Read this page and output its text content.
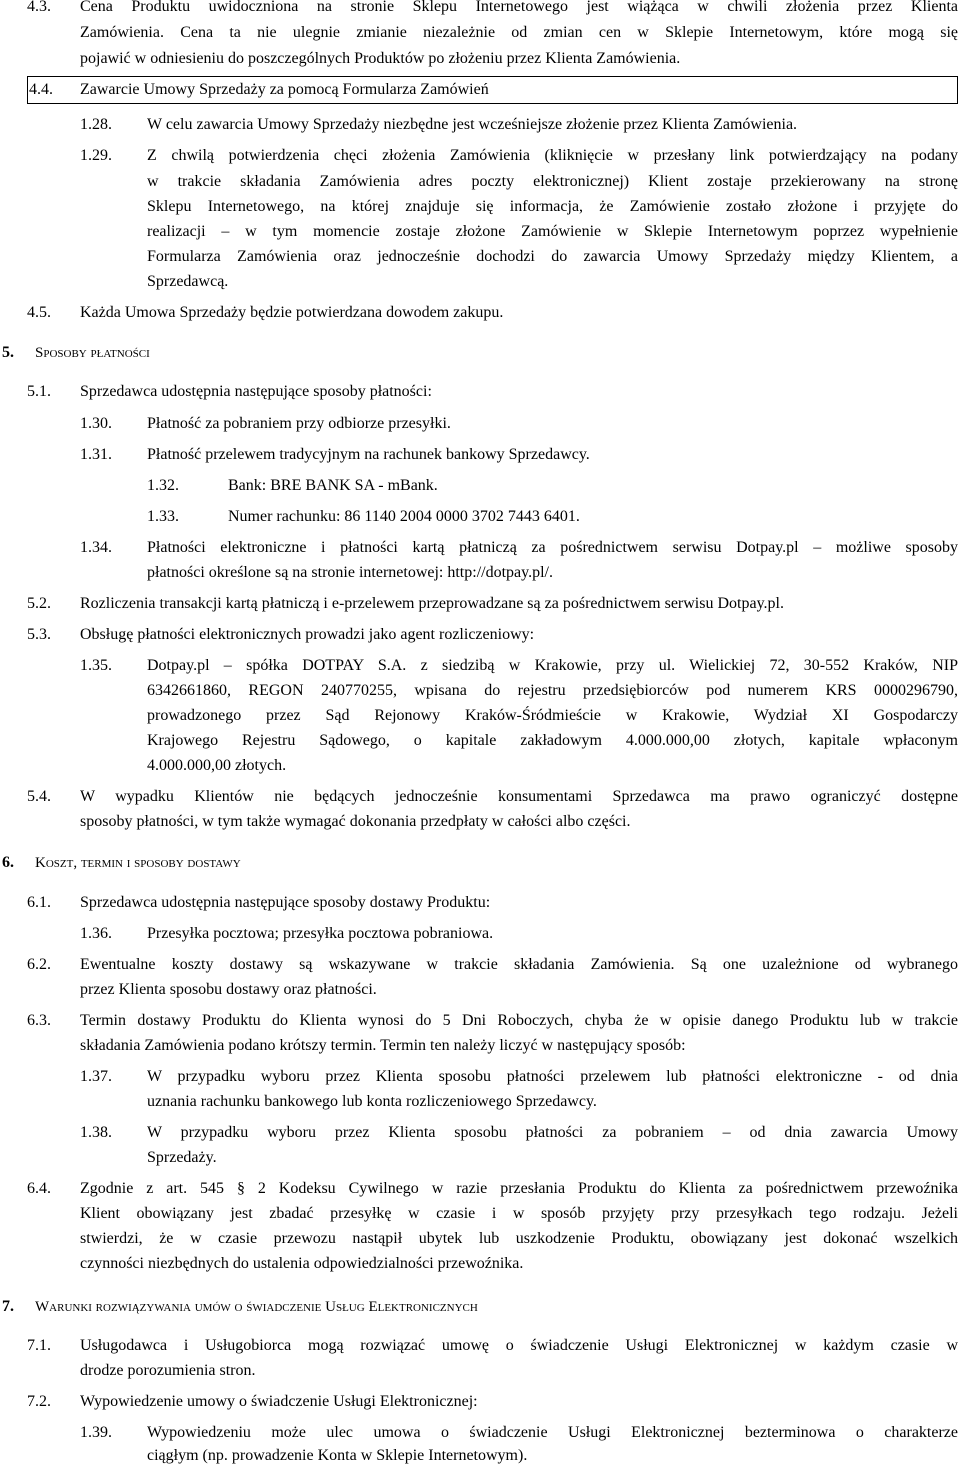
4.3. Cena Produktu uwidoczniona na stronie Sklepu Internetowego jest wiążąca w chwili złożenia przez Klienta
Zamówienia. Cena ta nie ulegnie zmianie niezależnie od zmian cen w Sklepie Internetowym, które mogą się
pojawić w odniesieniu do poszczególnych Produktów po złożeniu przez Klienta Zamówienia.
4.4. Zawarcie Umowy Sprzedaży za pomocą Formularza Zamówień
1.28. W celu zawarcia Umowy Sprzedaży niezbędne jest wcześniejsze złożenie przez Klienta Zamówienia.
1.29. Z chwilą potwierdzenia chęci złożenia Zamówienia (kliknięcie w przesłany link potwierdzający na podany
w trakcie składania Zamówienia adres poczty elektronicznej) Klient zostaje przekierowany na stronę
Sklepu Internetowego, na której znajduje się informacja, że Zamówienie zostało złożone i przyjęte do
realizacji – w tym momencie zostaje złożone Zamówienie w Sklepie Internetowym poprzez wypełnienie
Formularza Zamówienia oraz jednocześnie dochodzi do zawarcia Umowy Sprzedaży między Klientem, a
Sprzedawcą.
4.5. Każda Umowa Sprzedaży będzie potwierdzana dowodem zakupu.
5. Sposoby płatności
5.1. Sprzedawca udostępnia następujące sposoby płatności:
1.30. Płatność za pobraniem przy odbiorze przesyłki.
1.31. Płatność przelewem tradycyjnym na rachunek bankowy Sprzedawcy.
1.32.	Bank: BRE BANK SA - mBank.
1.33.	Numer rachunku: 86 1140 2004 0000 3702 7443 6401.
1.34. Płatności elektroniczne i płatności kartą płatniczą za pośrednictwem serwisu Dotpay.pl – możliwe sposoby
płatności określone są na stronie internetowej: http://dotpay.pl/.
5.2. Rozliczenia transakcji kartą płatniczą i e-przelewem przeprowadzane są za pośrednictwem serwisu Dotpay.pl.
5.3. Obsługę płatności elektronicznych prowadzi jako agent rozliczeniowy:
1.35. Dotpay.pl – spółka DOTPAY S.A. z siedzibą w Krakowie, przy ul. Wielickiej 72, 30-552 Kraków, NIP
6342661860, REGON 240770255, wpisana do rejestru przedsiębiorców pod numerem KRS 0000296790,
prowadzonego przez Sąd Rejonowy Kraków-Śródmieście w Krakowie, Wydział XI Gospodarczy
Krajowego Rejestru Sądowego, o kapitale zakładowym 4.000.000,00 złotych, kapitale wpłaconym
4.000.000,00 złotych.
5.4. W wypadku Klientów nie będących jednocześnie konsumentami Sprzedawca ma prawo ograniczyć dostępne
sposoby płatności, w tym także wymagać dokonania przedpłaty w całości albo części.
6. Koszt, termin i sposoby dostawy
6.1. Sprzedawca udostępnia następujące sposoby dostawy Produktu:
1.36. Przesyłka pocztowa; przesyłka pocztowa pobraniowa.
6.2. Ewentualne koszty dostawy są wskazywane w trakcie składania Zamówienia. Są one uzależnione od wybranego
przez Klienta sposobu dostawy oraz płatności.
6.3. Termin dostawy Produktu do Klienta wynosi do 5 Dni Roboczych, chyba że w opisie danego Produktu lub w trakcie
składania Zamówienia podano krótszy termin. Termin ten należy liczyć w następujący sposób:
1.37. W przypadku wyboru przez Klienta sposobu płatności przelewem lub płatności elektroniczne - od dnia
uznania rachunku bankowego lub konta rozliczeniowego Sprzedawcy.
1.38. W przypadku wyboru przez Klienta sposobu płatności za pobraniem – od dnia zawarcia Umowy
Sprzedaży.
6.4. Zgodnie z art. 545 § 2 Kodeksu Cywilnego w razie przesłania Produktu do Klienta za pośrednictwem przewoźnika
Klient obowiązany jest zbadać przesyłkę w czasie i w sposób przyjęty przy przesyłkach tego rodzaju. Jeżeli
stwierdzi, że w czasie przewozu nastąpił ubytek lub uszkodzenie Produktu, obowiązany jest dokonać wszelkich
czynności niezbędnych do ustalenia odpowiedzialności przewoźnika.
7. Warunki rozwiązywania umów o świadczenie Usług Elektronicznych
7.1. Usługodawca i Usługobiorca mogą rozwiązać umowę o świadczenie Usługi Elektronicznej w każdym czasie w
drodze porozumienia stron.
7.2. Wypowiedzenie umowy o świadczenie Usługi Elektronicznej:
1.39. Wypowiedzeniu może ulec umowa o świadczenie Usługi Elektronicznej bezterminowa o charakterze
ciągłym (np. prowadzenie Konta w Sklepie Internetowym).
